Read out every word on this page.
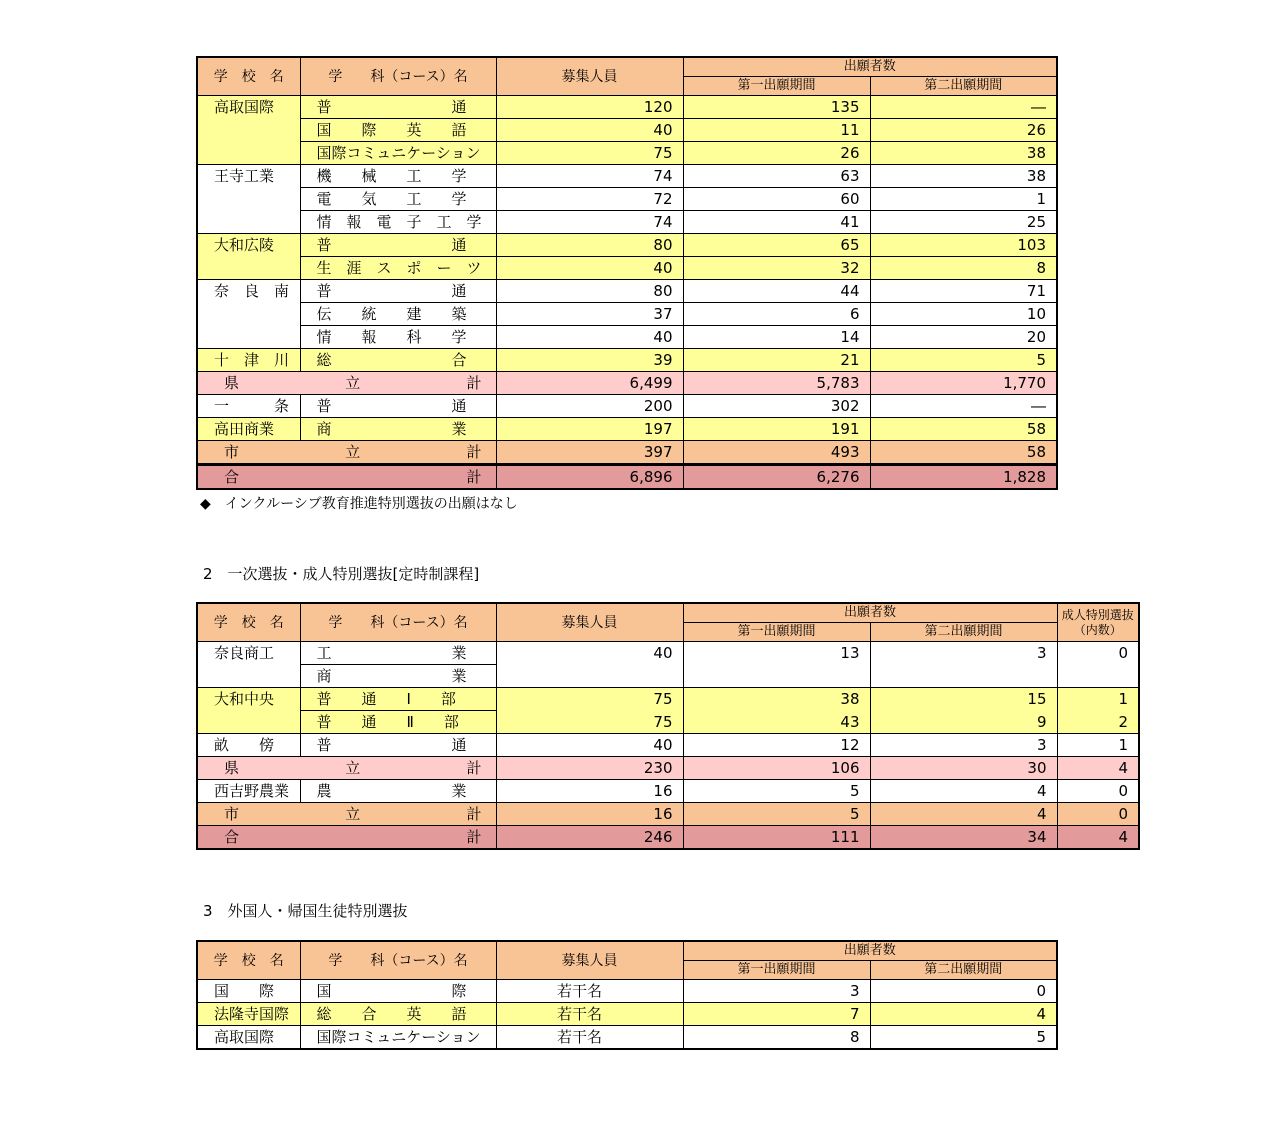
学　校　名	学　　科（コース）名	募集人員	出願者数	
			第一出願期間	第二出願期間
高取国際	普　　　　　　　　通	120	135	―
	国　　際　　英　　語	40	11	26
	国際コミュニケーション	75	26	38
王寺工業	機　　械　　工　　学	74	63	38
	電　　気　　工　　学	72	60	1
	情　報　電　子　工　学	74	41	25
大和広陵	普　　　　　　　　通	80	65	103
	生　涯　ス　ポ　ー　ツ	40	32	8
奈　良　南	普　　　　　　　　通	80	44	71
	伝　　統　　建　　築	37	6	10
	情　　報　　科　　学	40	14	20
十　津　川	総　　　　　　　　合	39	21	5

県 立 計		6,499	5,783	1,770
一　　　条	普　　　　　　　　通	200	302	―
高田商業	商　　　　　　　　業	197	191	58

市 立 計		397	493	58

合 計		6,896	6,276	1,828
◆　インクルーシブ教育推進特別選抜の出願はなし
2　一次選抜・成人特別選抜[定時制課程]
学　校　名	学　　科（コース）名	募集人員	出願者数		成人特別選抜
（内数）

			第一出願期間	第二出願期間	
奈良商工	工　　　　　　　　業	40	13	3	0
	商　　　　　　　　業				
大和中央	普　　通　　Ⅰ　　部	75	38	15	1
	普　　通　　Ⅱ　　部	75	43	9	2
畝　　傍	普　　　　　　　　通	40	12	3	1

県 立 計		230	106	30	4
西吉野農業	農　　　　　　　　業	16	5	4	0

市 立 計		16	5	4	0

合 計		246	111	34	4
3　外国人・帰国生徒特別選抜
学　校　名	学　　科（コース）名	募集人員	出願者数	
			第一出願期間	第二出願期間
国　　際	国　　　　　　　　際	若干名	3	0
法隆寺国際	総　　合　　英　　語	若干名	7	4
高取国際	国際コミュニケーション	若干名	8	5
